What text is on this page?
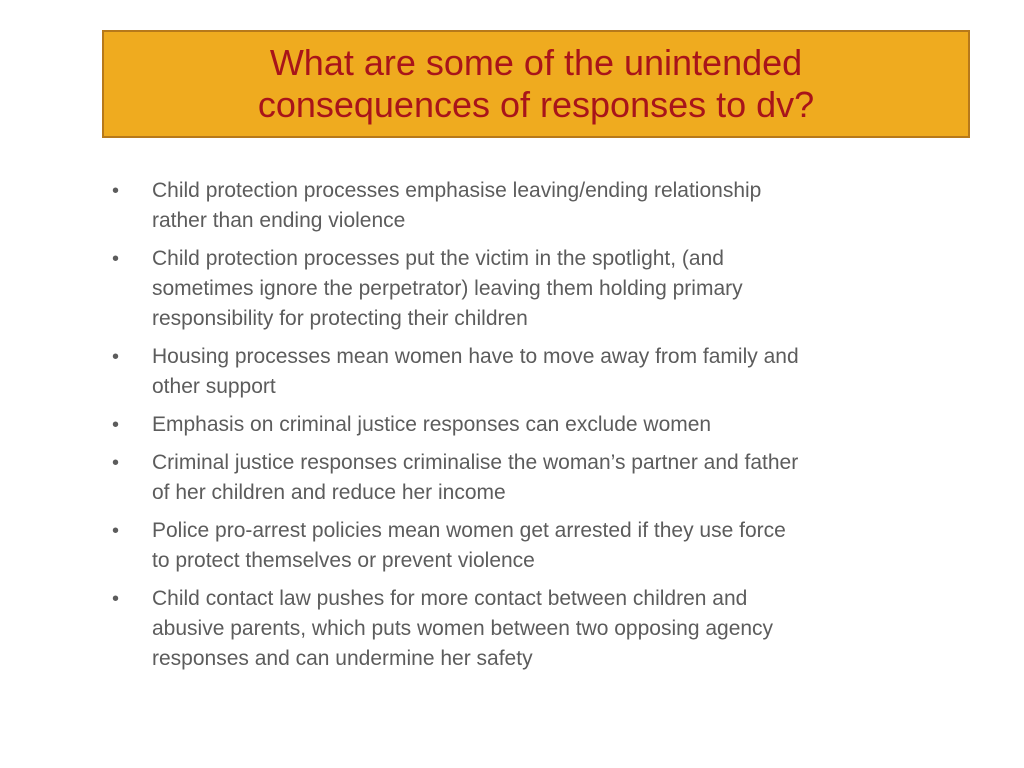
What are some of the unintended
consequences of responses to dv?
•	Child protection processes emphasise leaving/ending relationship
rather than ending violence
•	Child protection processes put the victim in the spotlight, (and
sometimes ignore the perpetrator) leaving them holding primary
responsibility for protecting their children
•	Housing processes mean women have to move away from family and
other support
•	Emphasis on criminal justice responses can exclude women
•	Criminal justice responses criminalise the woman’s partner and father
of her children and reduce her income
•	Police pro-arrest policies mean women get arrested if they use force
to protect themselves or prevent violence
•	Child contact law pushes for more contact between children and
abusive parents, which puts women between two opposing agency
responses and can undermine her safety
